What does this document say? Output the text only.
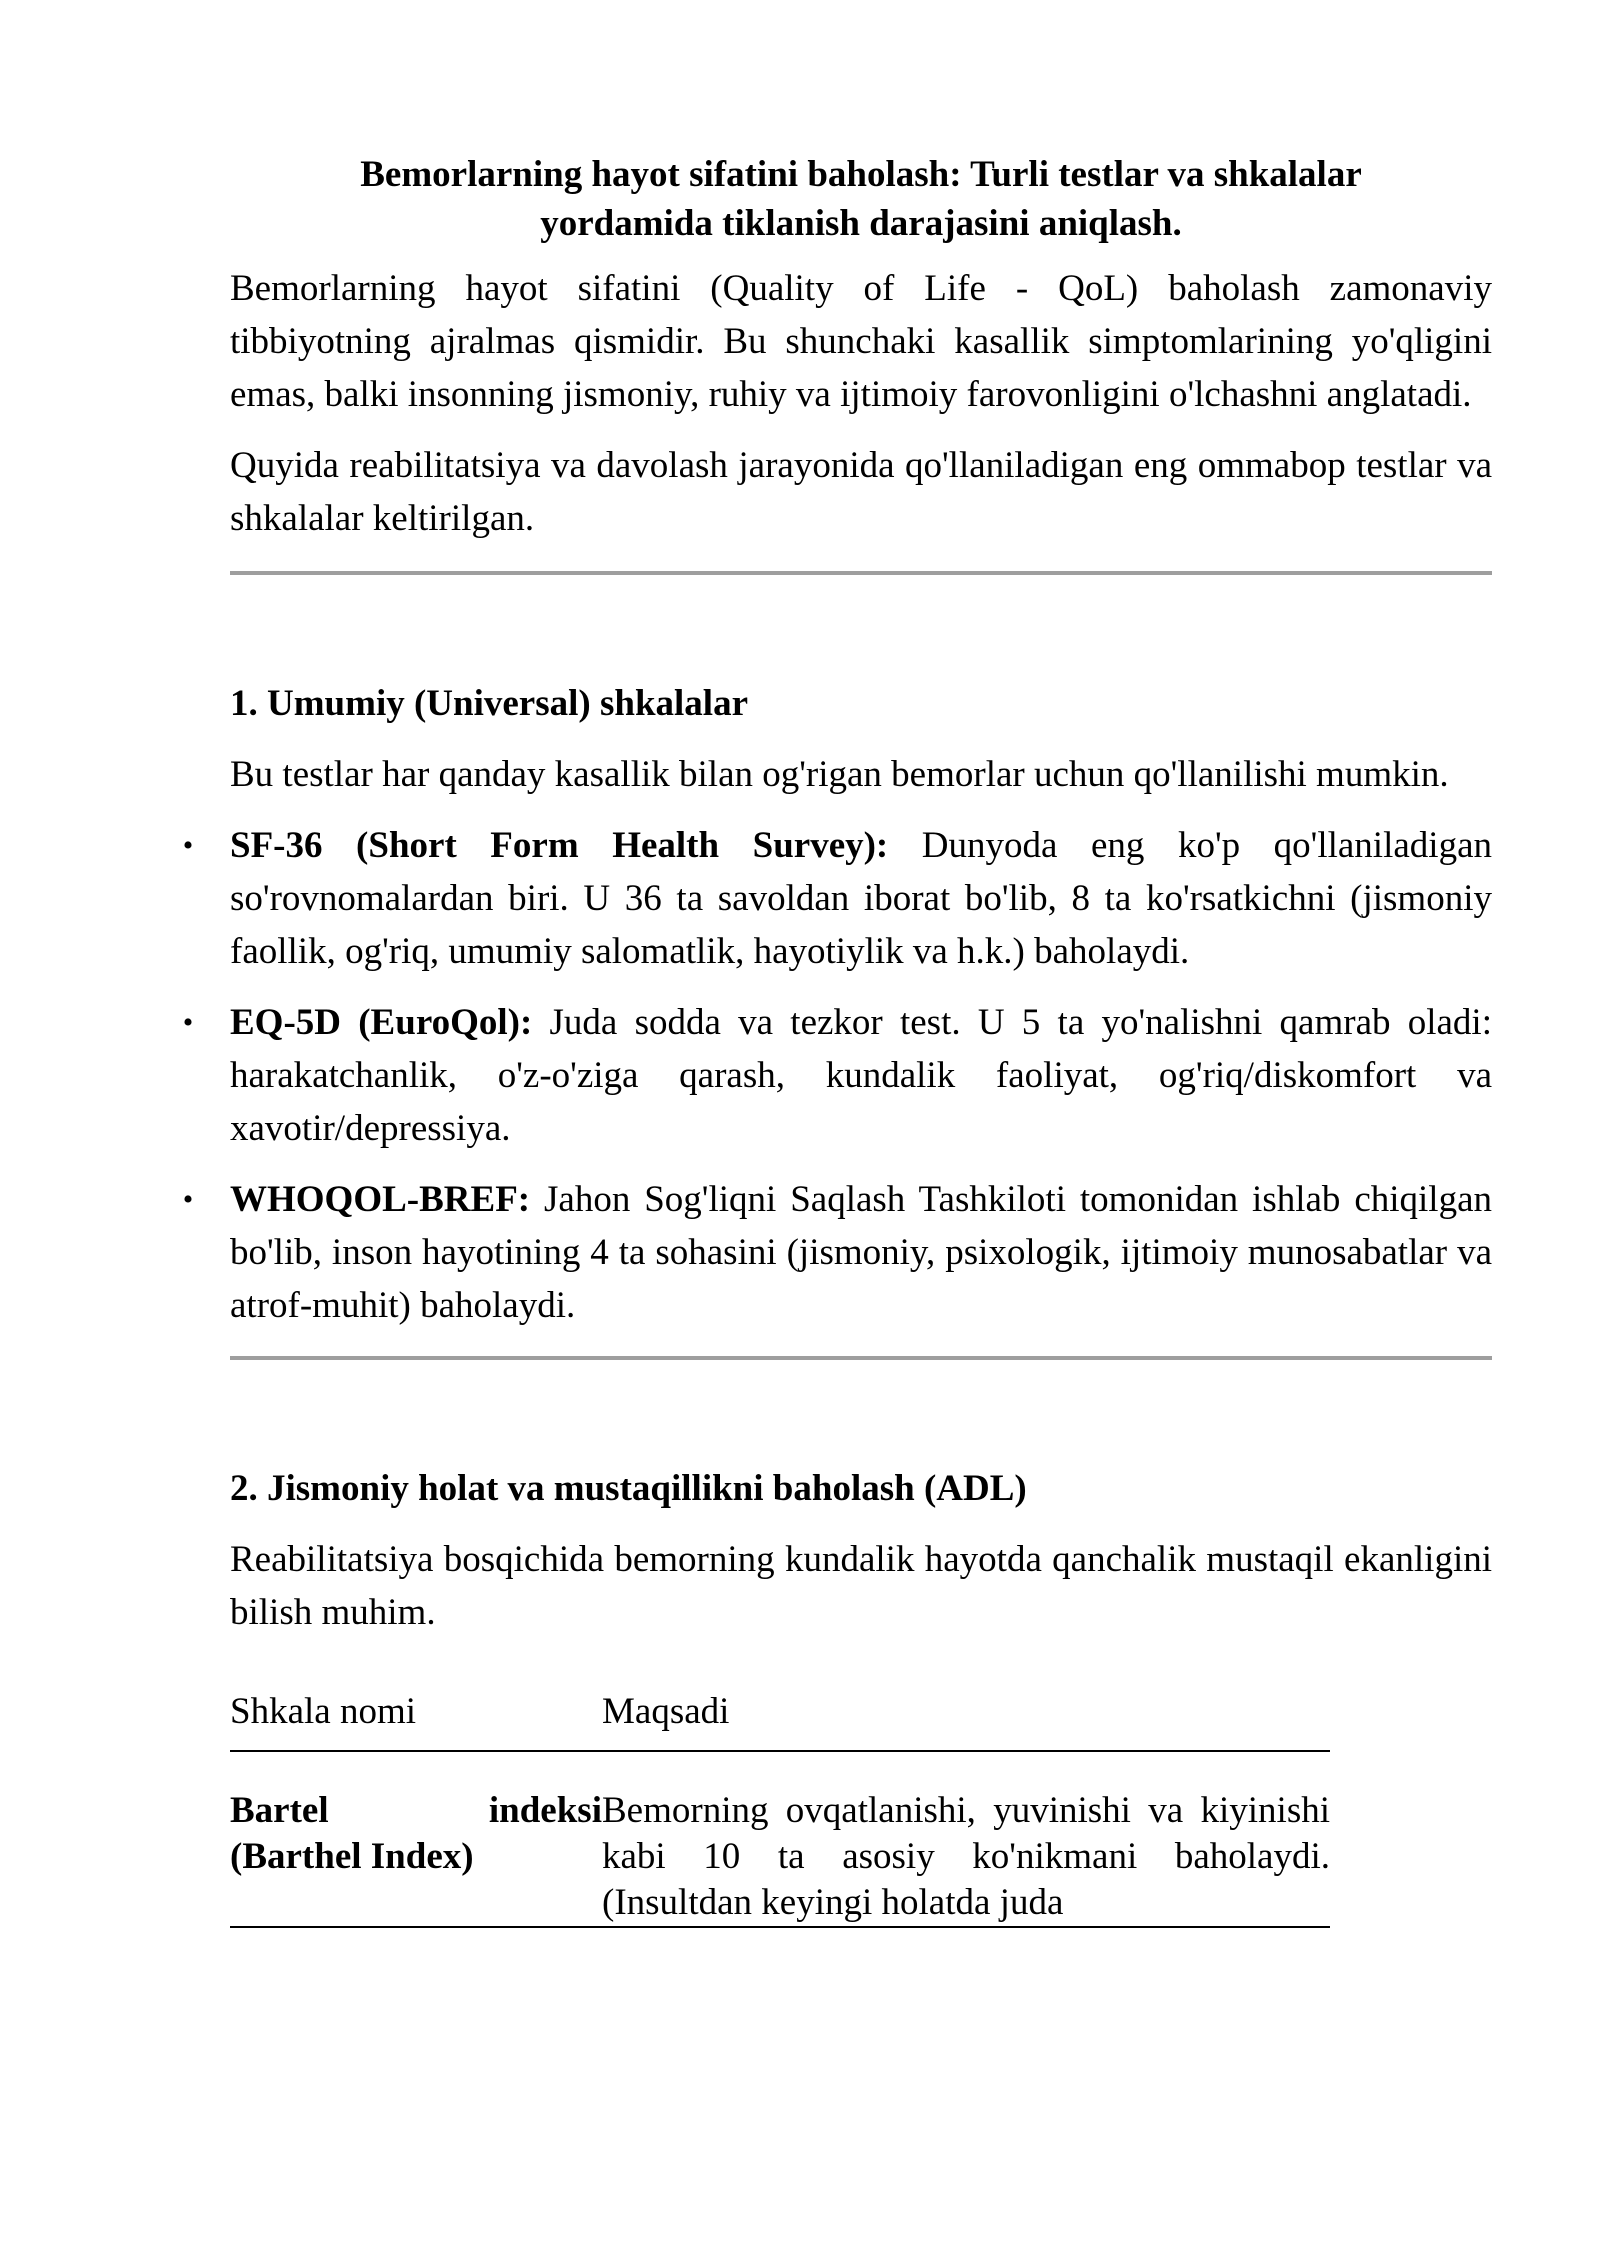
Bemorlarning hayot sifatini baholash: Turli testlar va shkalalar
yordamida tiklanish darajasini aniqlash.

Bemorlarning hayot sifatini (Quality of Life - QoL) baholash zamonaviy tibbiyotning ajralmas qismidir. Bu shunchaki kasallik simptomlarining yo'qligini emas, balki insonning jismoniy, ruhiy va ijtimoiy farovonligini o'lchashni anglatadi.

Quyida reabilitatsiya va davolash jarayonida qo'llaniladigan eng ommabop testlar va shkalalar keltirilgan.

1. Umumiy (Universal) shkalalar

Bu testlar har qanday kasallik bilan og'rigan bemorlar uchun qo'llanilishi mumkin.

• SF-36 (Short Form Health Survey): Dunyoda eng ko'p qo'llaniladigan so'rovnomalardan biri. U 36 ta savoldan iborat bo'lib, 8 ta ko'rsatkichni (jismoniy faollik, og'riq, umumiy salomatlik, hayotiylik va h.k.) baholaydi.
• EQ-5D (EuroQol): Juda sodda va tezkor test. U 5 ta yo'nalishni qamrab oladi: harakatchanlik, o'z-o'ziga qarash, kundalik faoliyat, og'riq/diskomfort va xavotir/depressiya.
• WHOQOL-BREF: Jahon Sog'liqni Saqlash Tashkiloti tomonidan ishlab chiqilgan bo'lib, inson hayotining 4 ta sohasini (jismoniy, psixologik, ijtimoiy munosabatlar va atrof-muhit) baholaydi.
2. Jismoniy holat va mustaqillikni baholash (ADL)

Reabilitatsiya bosqichida bemorning kundalik hayotda qanchalik mustaqil ekanligini bilish muhim.

Shkala nomi	Maqsadi
Bartel	indeksi
(Barthel Index)
Bemorning ovqatlanishi, yuvinishi va kiyinishi kabi 10 ta asosiy ko'nikmani baholaydi. (Insultdan keyingi holatda juda
